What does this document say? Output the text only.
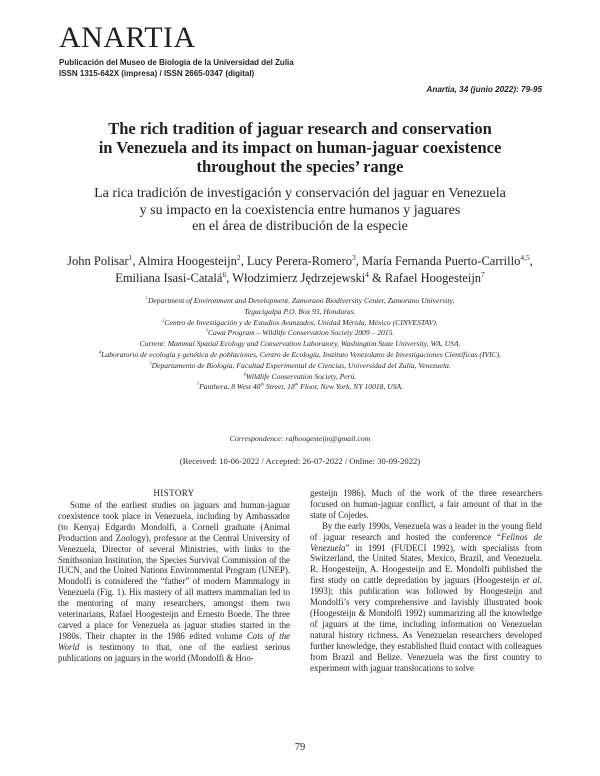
ANARTIA
Publicación del Museo de Biología de la Universidad del Zulia
ISSN 1315-642X (impresa) / ISSN 2665-0347 (digital)
Anartia, 34 (junio 2022): 79-95
The rich tradition of jaguar research and conservation
in Venezuela and its impact on human-jaguar coexistence
throughout the species’ range
La rica tradición de investigación y conservación del jaguar en Venezuela
y su impacto en la coexistencia entre humanos y jaguares
en el área de distribución de la especie
John Polisar$^1$, Almira Hoogesteijn$^2$, Lucy Perera-Romero$^3$, María Fernanda Puerto-Carrillo$^{4,5}$,
Emiliana Isasi-Catalá$^6$, Włodzimierz Jędrzejewski$^4$ & Rafael Hoogesteijn$^7$
$^1$Department of Environment and Development, Zamorano Biodiversity Center, Zamorano University,
Tegucigalpa P.O. Box 93, Honduras.
$^2$Centro de Investigación y de Estudios Avanzados, Unidad Mérida, México (CINVESTAV).
$^3$Cawa Program – Wildlife Conservation Society 2009 – 2015.
Current: Mammal Spatial Ecology and Conservation Laboratory, Washington State University, WA, USA.
$^4$Laboratorio de ecología y genética de poblaciones, Centro de Ecología, Instituto Venezolano de Investigaciones Científicas (IVIC).
$^5$Departamento de Biología, Facultad Experimental de Ciencias, Universidad del Zulia, Venezuela.
$^6$Wildlife Conservation Society, Perú.
$^7$Panthera, 8 West 40th Street, 18th Floor, New York, NY 10018, USA.
Correspondence: rafhoogesteijn@gmail.com
(Received: 10-06-2022 / Accepted: 26-07-2022 / Online: 30-09-2022)
HISTORY

Some of the earliest studies on jaguars and human-jaguar coexistence took place in Venezuela, including by Ambassador (to Kenya) Edgardo Mondolfi, a Cornell graduate (Animal Production and Zoology), professor at the Central University of Venezuela, Director of several Ministries, with links to the Smithsonian Institution, the Species Survival Commission of the IUCN, and the United Nations Environmental Program (UNEP). Mondolfi is considered the “father” of modern Mammalogy in Venezuela (Fig. 1). His mastery of all matters mammalian led to the mentoring of many researchers, amongst them two veterinarians, Rafael Hoogesteijn and Ernesto Boede. The three carved a place for Venezuela as jaguar studies started in the 1980s. Their chapter in the 1986 edited volume Cats of the World is testimony to that, one of the earliest serious publications on jaguars in the world (Mondolfi & Hoo-

gesteijn 1986). Much of the work of the three researchers focused on human-jaguar conflict, a fair amount of that in the state of Cojedes.

By the early 1990s, Venezuela was a leader in the young field of jaguar research and hosted the conference “Felinos de Venezuela” in 1991 (FUDECI 1992), with specialists from Switzerland, the United States, Mexico, Brazil, and Venezuela. R. Hoogesteijn, A. Hoogesteijn and E. Mondolfi published the first study on cattle depredation by jaguars (Hoogesteijn et al. 1993); this publication was followed by Hoogesteijn and Mondolfi’s very comprehensive and lavishly illustrated book (Hoogesteijn & Mondolfi 1992) summarizing all the knowledge of jaguars at the time, including information on Venezuelan natural history richness. As Venezuelan researchers developed further knowledge, they established fluid contact with colleagues from Brazil and Belize. Venezuela was the first country to experiment with jaguar translocations to solve

79
